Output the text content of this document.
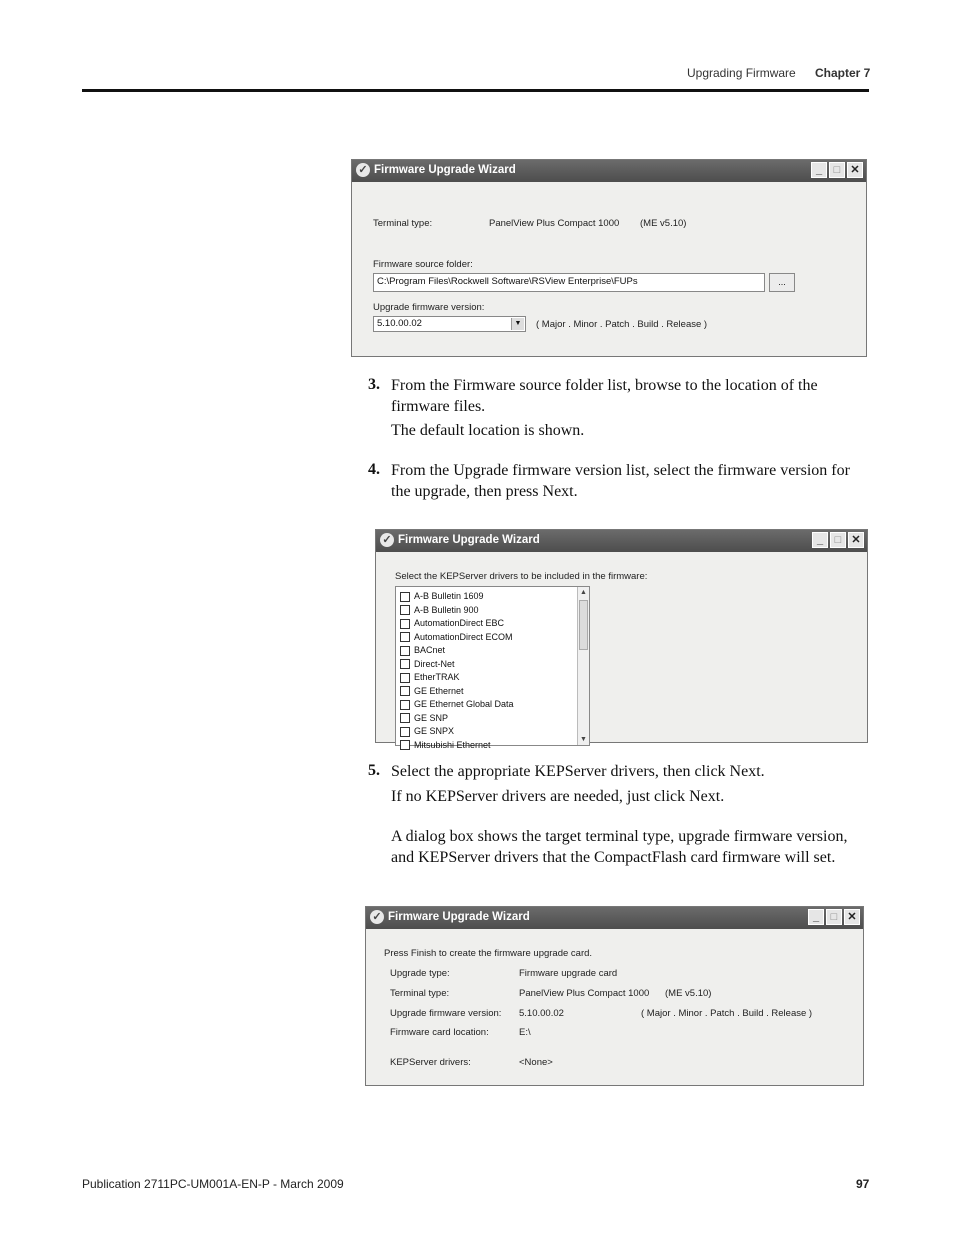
Upgrading Firmware Chapter 7
✓ Firmware Upgrade Wizard	_	□ ✕
Terminal type:	PanelView Plus Compact 1000 (ME v5.10)
Firmware source folder:
C:\Program Files\Rockwell Software\RSView Enterprise\FUPs	...
Upgrade firmware version:
5.10.00.02	▼ ( Major . Minor . Patch . Build . Release )
3. From the Firmware source folder list, browse to the location of the firmware files.
The default location is shown.
4. From the Upgrade firmware version list, select the firmware version for the upgrade, then press Next.
✓ Firmware Upgrade Wizard	_	□ ✕
Select the KEPServer drivers to be included in the firmware:
A-B Bulletin 1609
A-B Bulletin 900
AutomationDirect EBC
AutomationDirect ECOM
BACnet
Direct-Net
EtherTRAK
GE Ethernet
GE Ethernet Global Data
GE SNP
GE SNPX
Mitsubishi Ethernet
▲
▼
5. Select the appropriate KEPServer drivers, then click Next.
If no KEPServer drivers are needed, just click Next.
A dialog box shows the target terminal type, upgrade firmware version, and KEPServer drivers that the CompactFlash card firmware will set.
✓ Firmware Upgrade Wizard	_	□ ✕
Press Finish to create the firmware upgrade card.
Upgrade type:	Firmware upgrade card
Terminal type:	PanelView Plus Compact 1000 (ME v5.10)
Upgrade firmware version: 5.10.00.02	( Major . Minor . Patch . Build . Release )
Firmware card location:	E:\
KEPServer drivers:	<None>
Publication 2711PC-UM001A-EN-P - March 2009	97
